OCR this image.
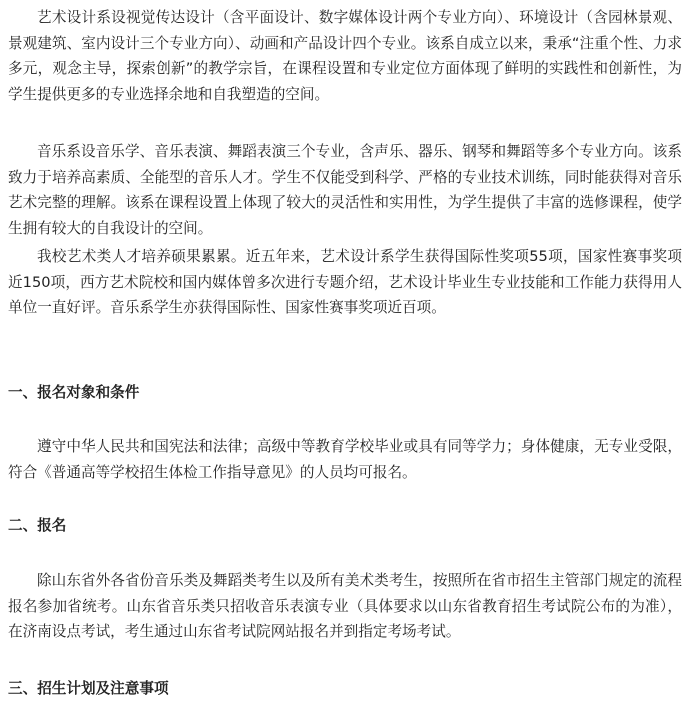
艺术设计系设视觉传达设计（含平面设计、数字媒体设计两个专业方向）、环境设计（含园林景观、景观建筑、室内设计三个专业方向）、动画和产品设计四个专业。该系自成立以来，秉承“注重个性、力求多元，观念主导，探索创新”的教学宗旨，在课程设置和专业定位方面体现了鲜明的实践性和创新性，为学生提供更多的专业选择余地和自我塑造的空间。

音乐系设音乐学、音乐表演、舞蹈表演三个专业，含声乐、器乐、钢琴和舞蹈等多个专业方向。该系致力于培养高素质、全能型的音乐人才。学生不仅能受到科学、严格的专业技术训练，同时能获得对音乐艺术完整的理解。该系在课程设置上体现了较大的灵活性和实用性，为学生提供了丰富的选修课程，使学生拥有较大的自我设计的空间。

我校艺术类人才培养硕果累累。近五年来，艺术设计系学生获得国际性奖项55项，国家性赛事奖项近150项，西方艺术院校和国内媒体曾多次进行专题介绍，艺术设计毕业生专业技能和工作能力获得用人单位一直好评。音乐系学生亦获得国际性、国家性赛事奖项近百项。

一、报名对象和条件

遵守中华人民共和国宪法和法律；高级中等教育学校毕业或具有同等学力；身体健康，无专业受限，符合《普通高等学校招生体检工作指导意见》的人员均可报名。

二、报名

除山东省外各省份音乐类及舞蹈类考生以及所有美术类考生，按照所在省市招生主管部门规定的流程报名参加省统考。山东省音乐类只招收音乐表演专业（具体要求以山东省教育招生考试院公布的为准），在济南设点考试，考生通过山东省考试院网站报名并到指定考场考试。

三、招生计划及注意事项
